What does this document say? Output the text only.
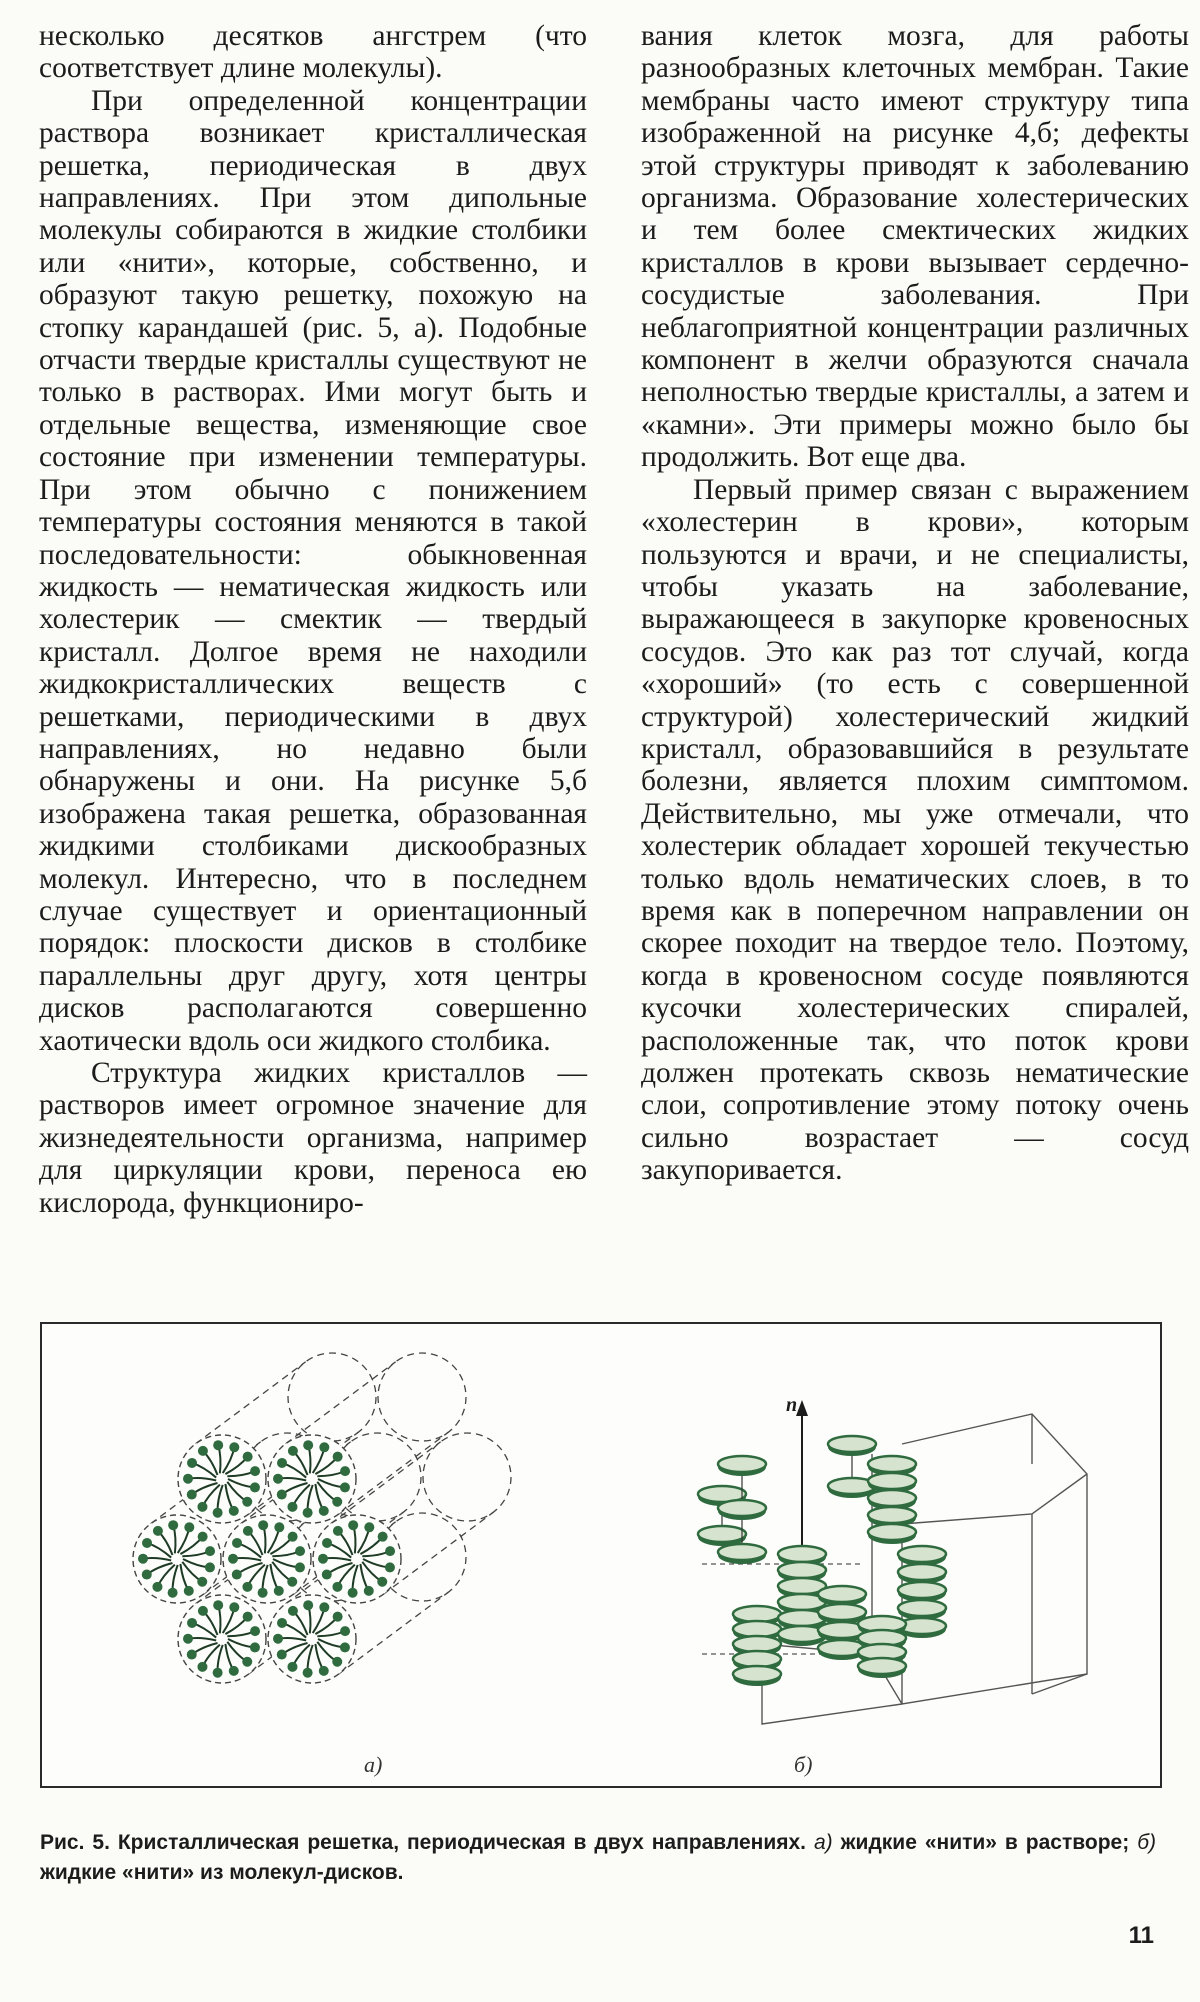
несколько десятков ангстрем (что соответствует длине молекулы).

При определенной концентрации раствора возникает кристаллическая решетка, периодическая в двух направлениях. При этом дипольные молекулы собираются в жидкие столбики или «нити», которые, собственно, и образуют такую решетку, похожую на стопку карандашей (рис. 5, а). Подобные отчасти твердые кристаллы существуют не только в растворах. Ими могут быть и отдельные вещества, изменяющие свое состояние при изменении температуры. При этом обычно с понижением температуры состояния меняются в такой последовательности: обыкновенная жидкость — нематическая жидкость или холестерик — смектик — твердый кристалл. Долгое время не находили жидкокристаллических веществ с решетками, периодическими в двух направлениях, но недавно были обнаружены и они. На рисунке 5,б изображена такая решетка, образованная жидкими столбиками дискообразных молекул. Интересно, что в последнем случае существует и ориентационный порядок: плоскости дисков в столбике параллельны друг другу, хотя центры дисков располагаются совершенно хаотически вдоль оси жидкого столбика.

Структура жидких кристаллов — растворов имеет огромное значение для жизнедеятельности организма, например для циркуляции крови, переноса ею кислорода, функциониро-

вания клеток мозга, для работы разнообразных клеточных мембран. Такие мембраны часто имеют структуру типа изображенной на рисунке 4,б; дефекты этой структуры приводят к заболеванию организма. Образование холестерических и тем более смектических жидких кристаллов в крови вызывает сердечно-сосудистые заболевания. При неблагоприятной концентрации различных компонент в желчи образуются сначала неполностью твердые кристаллы, а затем и «камни». Эти примеры можно было бы продолжить. Вот еще два.

Первый пример связан с выражением «холестерин в крови», которым пользуются и врачи, и не специалисты, чтобы указать на заболевание, выражающееся в закупорке кровеносных сосудов. Это как раз тот случай, когда «хороший» (то есть с совершенной структурой) холестерический жидкий кристалл, образовавшийся в результате болезни, является плохим симптомом. Действительно, мы уже отмечали, что холестерик обладает хорошей текучестью только вдоль нематических слоев, в то время как в поперечном направлении он скорее походит на твердое тело. Поэтому, когда в кровеносном сосуде появляются кусочки холестерических спиралей, расположенные так, что поток крови должен протекать сквозь нематические слои, сопротивление этому потоку очень сильно возрастает — сосуд закупоривается.

n
а)	б)
Рис. 5. Кристаллическая решетка, периодическая в двух направлениях. а) жидкие «нити» в растворе; б) жидкие «нити» из молекул-дисков.
11
